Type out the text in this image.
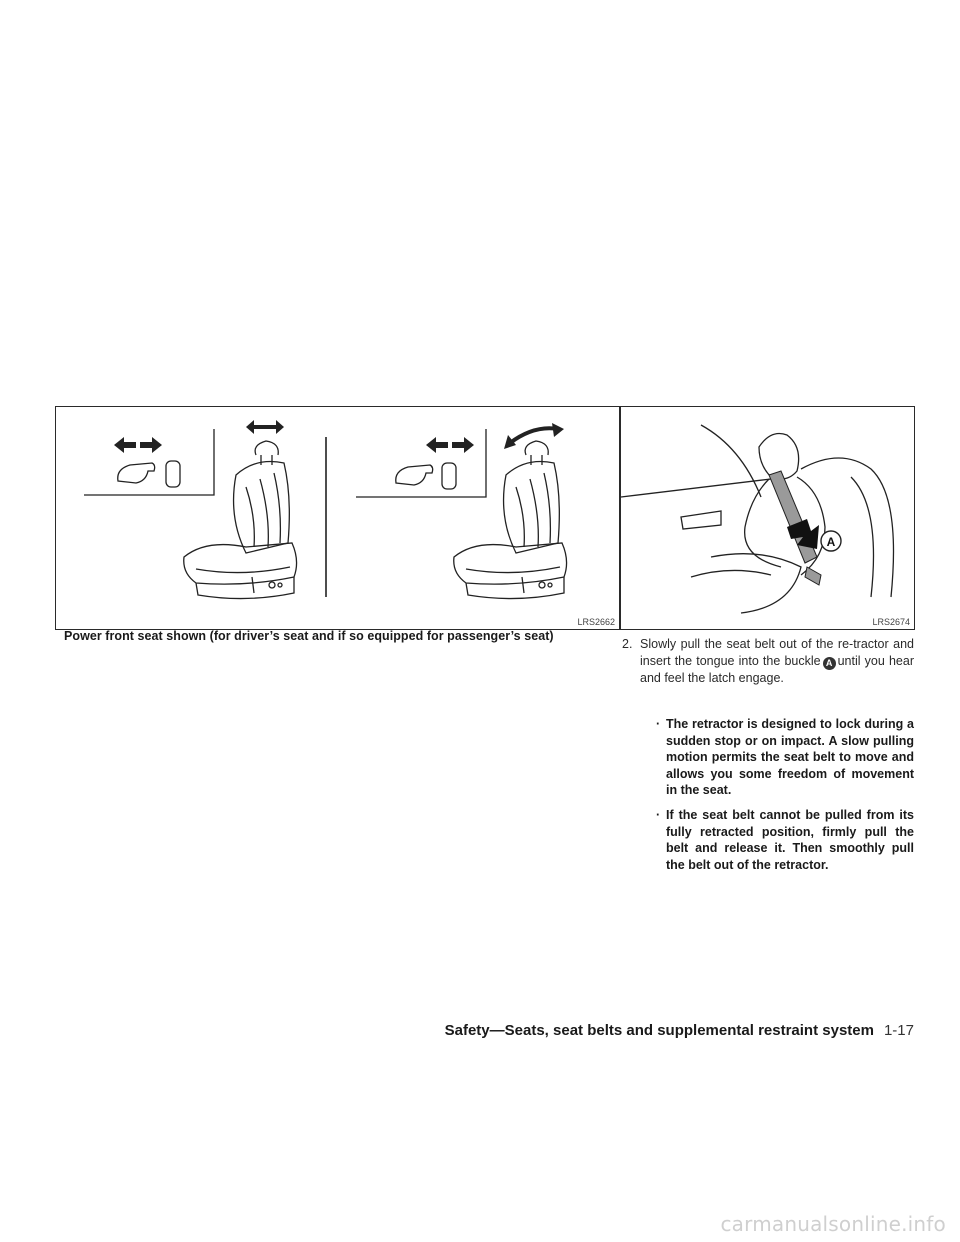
LRS2662
A
LRS2674
Power front seat shown (for driver’s seat and if so equipped for passenger’s seat)
2. Slowly pull the seat belt out of the re-tractor and insert the tongue into the buckle A until you hear and feel the latch engage.
· The retractor is designed to lock during a sudden stop or on impact. A slow pulling motion permits the seat belt to move and allows you some freedom of movement in the seat.
· If the seat belt cannot be pulled from its fully retracted position, firmly pull the belt and release it. Then smoothly pull the belt out of the retractor.
Safety—Seats, seat belts and supplemental restraint system 1-17
carmanualsonline.info
